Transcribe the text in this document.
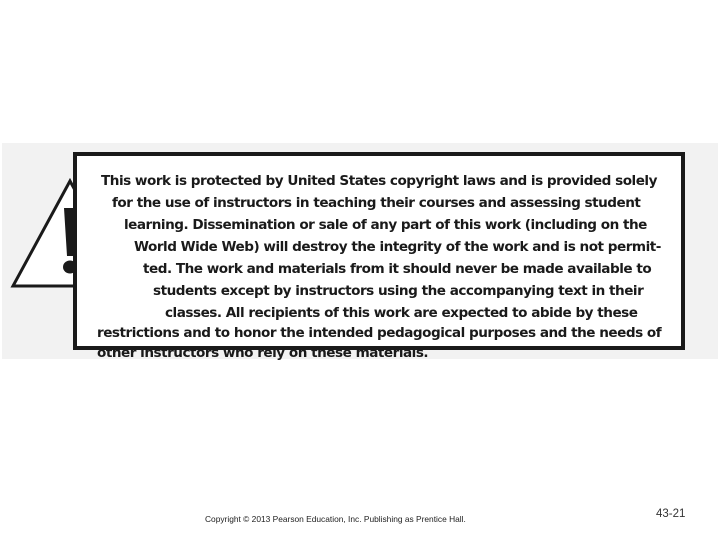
This work is protected by United States copyright laws and is provided solely
for the use of instructors in teaching their courses and assessing student
learning. Dissemination or sale of any part of this work (including on the
World Wide Web) will destroy the integrity of the work and is not permit-
ted. The work and materials from it should never be made available to
students except by instructors using the accompanying text in their
classes. All recipients of this work are expected to abide by these
restrictions and to honor the intended pedagogical purposes and the needs of
other instructors who rely on these materials.
Copyright © 2013 Pearson Education, Inc. Publishing as Prentice Hall.	43-21
